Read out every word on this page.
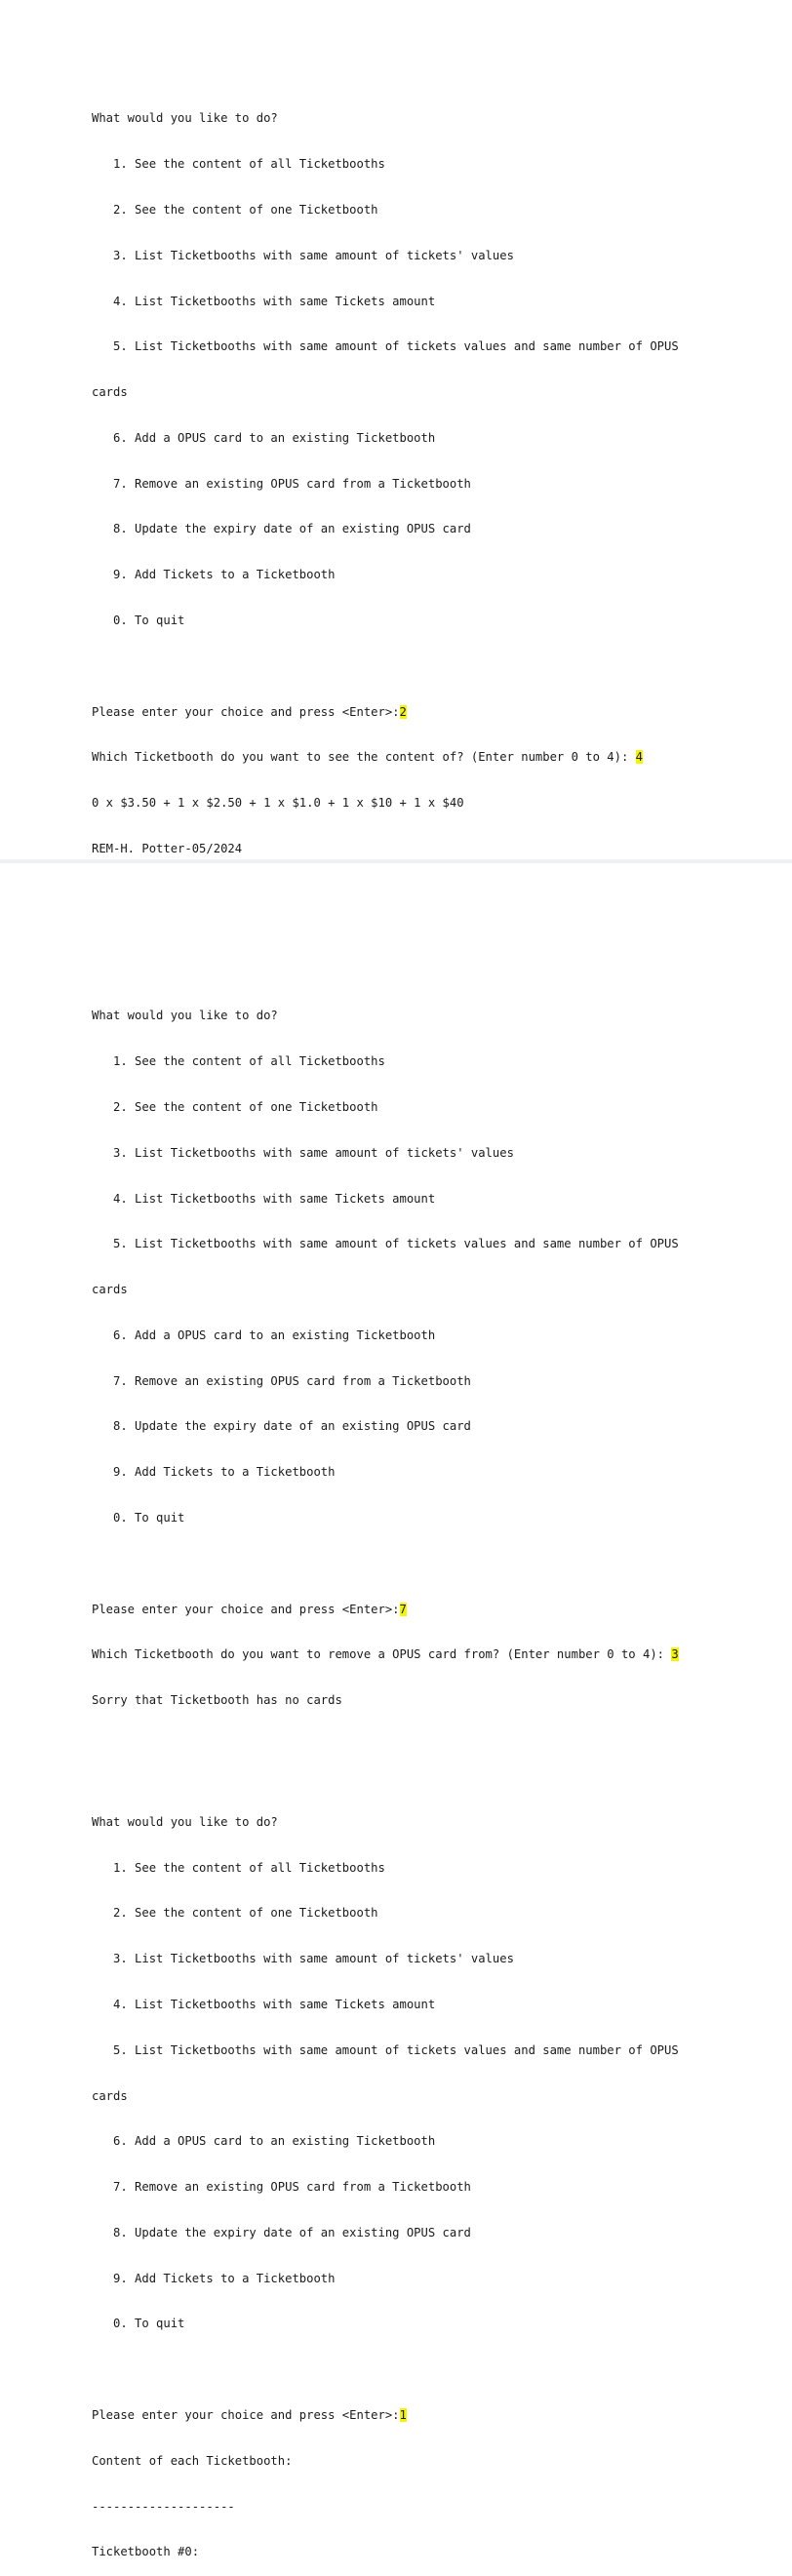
What would you like to do?

1. See the content of all Ticketbooths

2. See the content of one Ticketbooth

3. List Ticketbooths with same amount of tickets' values

4. List Ticketbooths with same Tickets amount

5. List Ticketbooths with same amount of tickets values and same number of OPUS

cards

6. Add a OPUS card to an existing Ticketbooth

7. Remove an existing OPUS card from a Ticketbooth

8. Update the expiry date of an existing OPUS card

9. Add Tickets to a Ticketbooth

0. To quit

Please enter your choice and press <Enter>:2

Which Ticketbooth do you want to see the content of? (Enter number 0 to 4): 4

0 x $3.50 + 1 x $2.50 + 1 x $1.0 + 1 x $10 + 1 x $40

REM-H. Potter-05/2024

What would you like to do?

1. See the content of all Ticketbooths

2. See the content of one Ticketbooth

3. List Ticketbooths with same amount of tickets' values

4. List Ticketbooths with same Tickets amount

5. List Ticketbooths with same amount of tickets values and same number of OPUS

cards

6. Add a OPUS card to an existing Ticketbooth

7. Remove an existing OPUS card from a Ticketbooth

8. Update the expiry date of an existing OPUS card

9. Add Tickets to a Ticketbooth

0. To quit

Please enter your choice and press <Enter>:7

Which Ticketbooth do you want to remove a OPUS card from? (Enter number 0 to 4): 3

Sorry that Ticketbooth has no cards

What would you like to do?

1. See the content of all Ticketbooths

2. See the content of one Ticketbooth

3. List Ticketbooths with same amount of tickets' values

4. List Ticketbooths with same Tickets amount

5. List Ticketbooths with same amount of tickets values and same number of OPUS

cards

6. Add a OPUS card to an existing Ticketbooth

7. Remove an existing OPUS card from a Ticketbooth

8. Update the expiry date of an existing OPUS card

9. Add Tickets to a Ticketbooth

0. To quit

Please enter your choice and press <Enter>:1

Content of each Ticketbooth:

--------------------

Ticketbooth #0:
